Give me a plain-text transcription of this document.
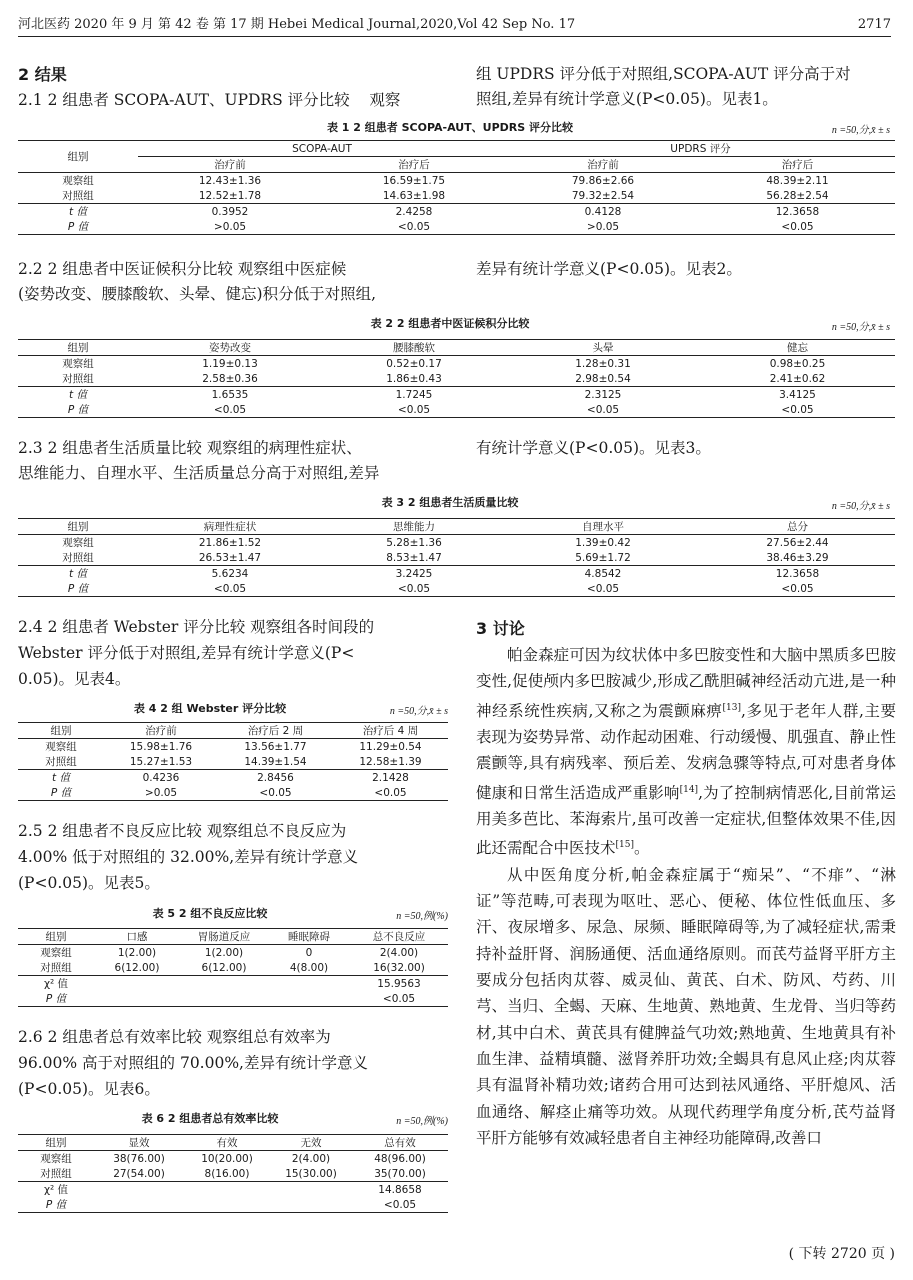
河北医药 2020 年 9 月 第 42 卷 第 17 期 Hebei Medical Journal,2020,Vol 42 Sep No. 17	2717
2 结果
2.1 2 组患者 SCOPA-AUT、UPDRS 评分比较 观察
组 UPDRS 评分低于对照组,SCOPA-AUT 评分高于对
照组,差异有统计学意义(P<0.05)。见表1。
表 1 2 组患者 SCOPA-AUT、UPDRS 评分比较	n =50,分,x̄ ± s
组别	SCOPA-AUT		UPDRS 评分	
	治疗前	治疗后	治疗前	治疗后
观察组	12.43±1.36	16.59±1.75	79.86±2.66	48.39±2.11
对照组	12.52±1.78	14.63±1.98	79.32±2.54	56.28±2.54
t 值	0.3952	2.4258	0.4128	12.3658
P 值	>0.05	<0.05	>0.05	<0.05
2.2 2 组患者中医证候积分比较 观察组中医症候
(姿势改变、腰膝酸软、头晕、健忘)积分低于对照组,
差异有统计学意义(P<0.05)。见表2。
表 2 2 组患者中医证候积分比较	n =50,分,x̄ ± s
组别	姿势改变	腰膝酸软	头晕	健忘
观察组	1.19±0.13	0.52±0.17	1.28±0.31	0.98±0.25
对照组	2.58±0.36	1.86±0.43	2.98±0.54	2.41±0.62
t 值	1.6535	1.7245	2.3125	3.4125
P 值	<0.05	<0.05	<0.05	<0.05
2.3 2 组患者生活质量比较 观察组的病理性症状、
思维能力、自理水平、生活质量总分高于对照组,差异
有统计学意义(P<0.05)。见表3。
表 3 2 组患者生活质量比较	n =50,分,x̄ ± s
组别	病理性症状	思维能力	自理水平	总分
观察组	21.86±1.52	5.28±1.36	1.39±0.42	27.56±2.44
对照组	26.53±1.47	8.53±1.47	5.69±1.72	38.46±3.29
t 值	5.6234	3.2425	4.8542	12.3658
P 值	<0.05	<0.05	<0.05	<0.05
2.4 2 组患者 Webster 评分比较 观察组各时间段的
Webster 评分低于对照组,差异有统计学意义(P<
0.05)。见表4。
表 4 2 组 Webster 评分比较	n =50,分,x̄ ± s
组别	治疗前	治疗后 2 周	治疗后 4 周
观察组	15.98±1.76	13.56±1.77	11.29±0.54
对照组	15.27±1.53	14.39±1.54	12.58±1.39
t 值	0.4236	2.8456	2.1428
P 值	>0.05	<0.05	<0.05
2.5 2 组患者不良反应比较 观察组总不良反应为
4.00% 低于对照组的 32.00%,差异有统计学意义
(P<0.05)。见表5。
表 5 2 组不良反应比较	n =50,例(%)
组别	口感	胃肠道反应	睡眠障碍	总不良反应
观察组	1(2.00)	1(2.00)	0	2(4.00)
对照组	6(12.00)	6(12.00)	4(8.00)	16(32.00)
χ² 值				15.9563
P 值				<0.05
2.6 2 组患者总有效率比较 观察组总有效率为
96.00% 高于对照组的 70.00%,差异有统计学意义
(P<0.05)。见表6。
表 6 2 组患者总有效率比较	n =50,例(%)
组别	显效	有效	无效	总有效
观察组	38(76.00)	10(20.00)	2(4.00)	48(96.00)
对照组	27(54.00)	8(16.00)	15(30.00)	35(70.00)
χ² 值				14.8658
P 值				<0.05
3 讨论

帕金森症可因为纹状体中多巴胺变性和大脑中黑质多巴胺变性,促使颅内多巴胺减少,形成乙酰胆碱神经活动亢进,是一种神经系统性疾病,又称之为震颤麻痹[13],多见于老年人群,主要表现为姿势异常、动作起动困难、行动缓慢、肌强直、静止性震颤等,具有病残率、预后差、发病急骤等特点,可对患者身体健康和日常生活造成严重影响[14],为了控制病情恶化,目前常运用美多芭比、苯海索片,虽可改善一定症状,但整体效果不佳,因此还需配合中医技术[15]。

从中医角度分析,帕金森症属于“痴呆”、“不痱”、“淋证”等范畴,可表现为呕吐、恶心、便秘、体位性低血压、多汗、夜尿增多、尿急、尿频、睡眠障碍等,为了减轻症状,需秉持补益肝肾、润肠通便、活血通络原则。而芪芍益肾平肝方主要成分包括肉苁蓉、威灵仙、黄芪、白术、防风、芍药、川芎、当归、全蝎、天麻、生地黄、熟地黄、生龙骨、当归等药材,其中白术、黄芪具有健脾益气功效;熟地黄、生地黄具有补血生津、益精填髓、滋肾养肝功效;全蝎具有息风止痉;肉苁蓉具有温肾补精功效;诸药合用可达到祛风通络、平肝熄风、活血通络、解痉止痛等功效。从现代药理学角度分析,芪芍益肾平肝方能够有效减轻患者自主神经功能障碍,改善口

( 下转 2720 页 )
